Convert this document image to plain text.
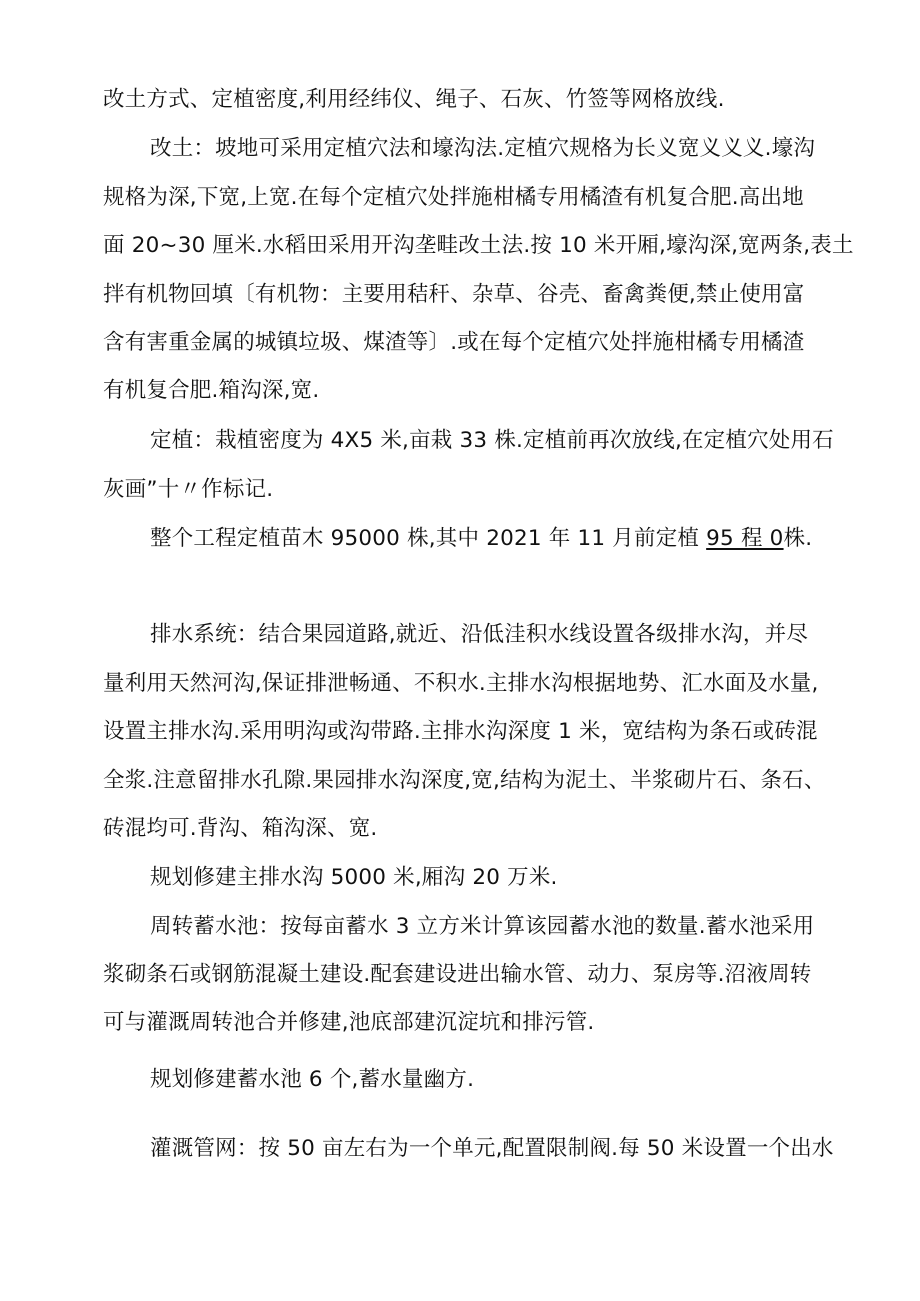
改土方式、定植密度,利用经纬仪、绳子、石灰、竹签等网格放线.
改土：坡地可采用定植穴法和壕沟法.定植穴规格为长义宽义义义.壕沟
规格为深,下宽,上宽.在每个定植穴处拌施柑橘专用橘渣有机复合肥.高出地
面 20~30 厘米.水稻田采用开沟垄畦改土法.按 10 米开厢,壕沟深,宽两条,表土
拌有机物回填〔有机物：主要用秸秆、杂草、谷壳、畜禽粪便,禁止使用富
含有害重金属的城镇垃圾、煤渣等〕.或在每个定植穴处拌施柑橘专用橘渣
有机复合肥.箱沟深,宽.
定植：栽植密度为 4X5 米,亩栽 33 株.定植前再次放线,在定植穴处用石
灰画”十〃作标记.
整个工程定植苗木 95000 株,其中 2021 年 11 月前定植 95 程 0株.
排水系统：结合果园道路,就近、沿低洼积水线设置各级排水沟，并尽
量利用天然河沟,保证排泄畅通、不积水.主排水沟根据地势、汇水面及水量,
设置主排水沟.采用明沟或沟带路.主排水沟深度 1 米，宽结构为条石或砖混
全浆.注意留排水孔隙.果园排水沟深度,宽,结构为泥土、半浆砌片石、条石、
砖混均可.背沟、箱沟深、宽.
规划修建主排水沟 5000 米,厢沟 20 万米.
周转蓄水池：按每亩蓄水 3 立方米计算该园蓄水池的数量.蓄水池采用
浆砌条石或钢筋混凝土建设.配套建设进出输水管、动力、泵房等.沼液周转
可与灌溉周转池合并修建,池底部建沉淀坑和排污管.
规划修建蓄水池 6 个,蓄水量幽方.
灌溉管网：按 50 亩左右为一个单元,配置限制阀.每 50 米设置一个出水
